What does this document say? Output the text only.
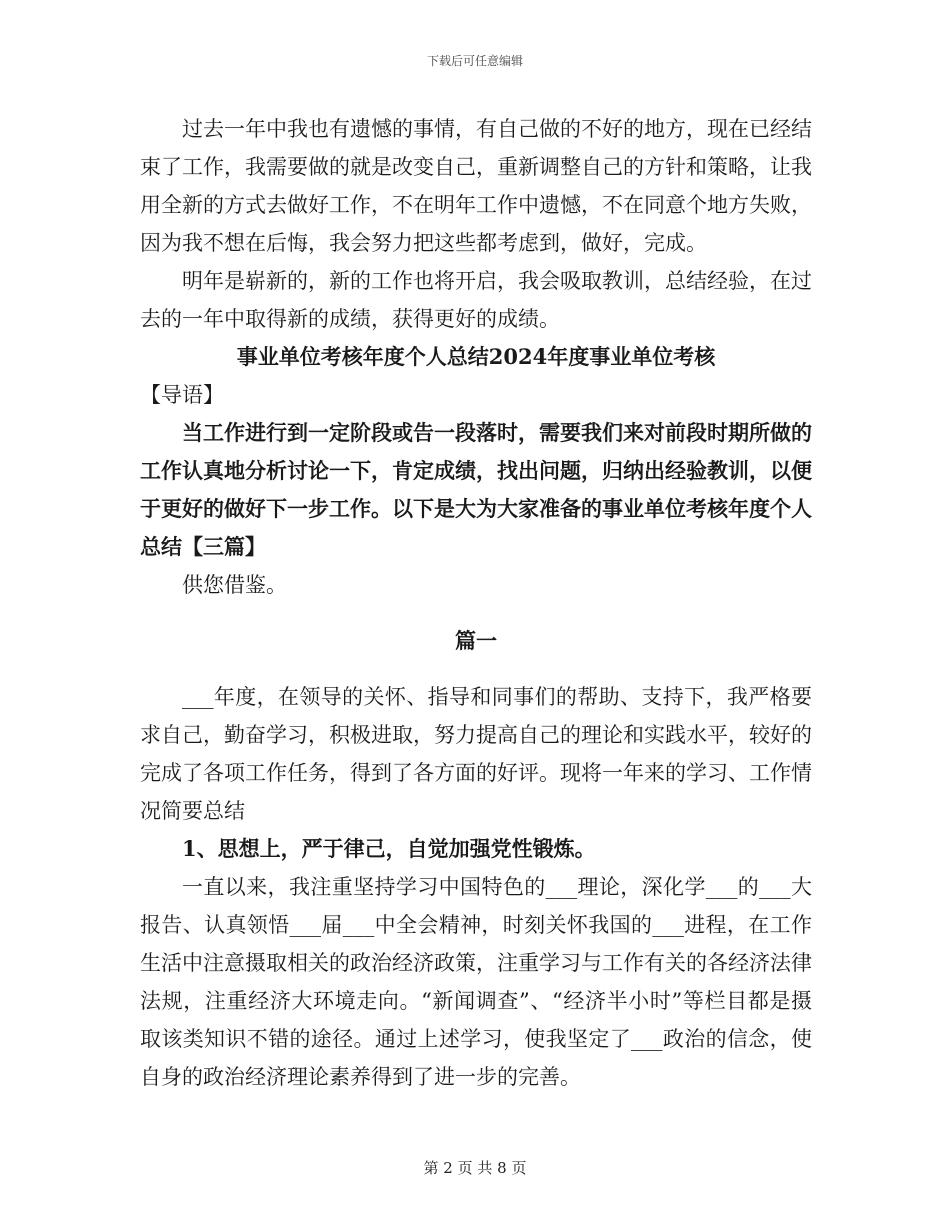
下载后可任意编辑

过去一年中我也有遗憾的事情，有自己做的不好的地方，现在已经结束了工作，我需要做的就是改变自己，重新调整自己的方针和策略，让我用全新的方式去做好工作，不在明年工作中遗憾，不在同意个地方失败，因为我不想在后悔，我会努力把这些都考虑到，做好，完成。

明年是崭新的，新的工作也将开启，我会吸取教训，总结经验，在过去的一年中取得新的成绩，获得更好的成绩。

事业单位考核年度个人总结2024年度事业单位考核

【导语】

当工作进行到一定阶段或告一段落时，需要我们来对前段时期所做的工作认真地分析讨论一下，肯定成绩，找出问题，归纳出经验教训，以便于更好的做好下一步工作。以下是大为大家准备的事业单位考核年度个人总结【三篇】

供您借鉴。

篇一

___年度，在领导的关怀、指导和同事们的帮助、支持下，我严格要求自己，勤奋学习，积极进取，努力提高自己的理论和实践水平，较好的完成了各项工作任务，得到了各方面的好评。现将一年来的学习、工作情况简要总结

1、思想上，严于律己，自觉加强党性锻炼。

一直以来，我注重坚持学习中国特色的___理论，深化学___的___大报告、认真领悟___届___中全会精神，时刻关怀我国的___进程，在工作生活中注意摄取相关的政治经济政策，注重学习与工作有关的各经济法律法规，注重经济大环境走向。“新闻调查”、“经济半小时”等栏目都是摄取该类知识不错的途径。通过上述学习，使我坚定了___政治的信念，使自身的政治经济理论素养得到了进一步的完善。

第 2 页 共 8 页
